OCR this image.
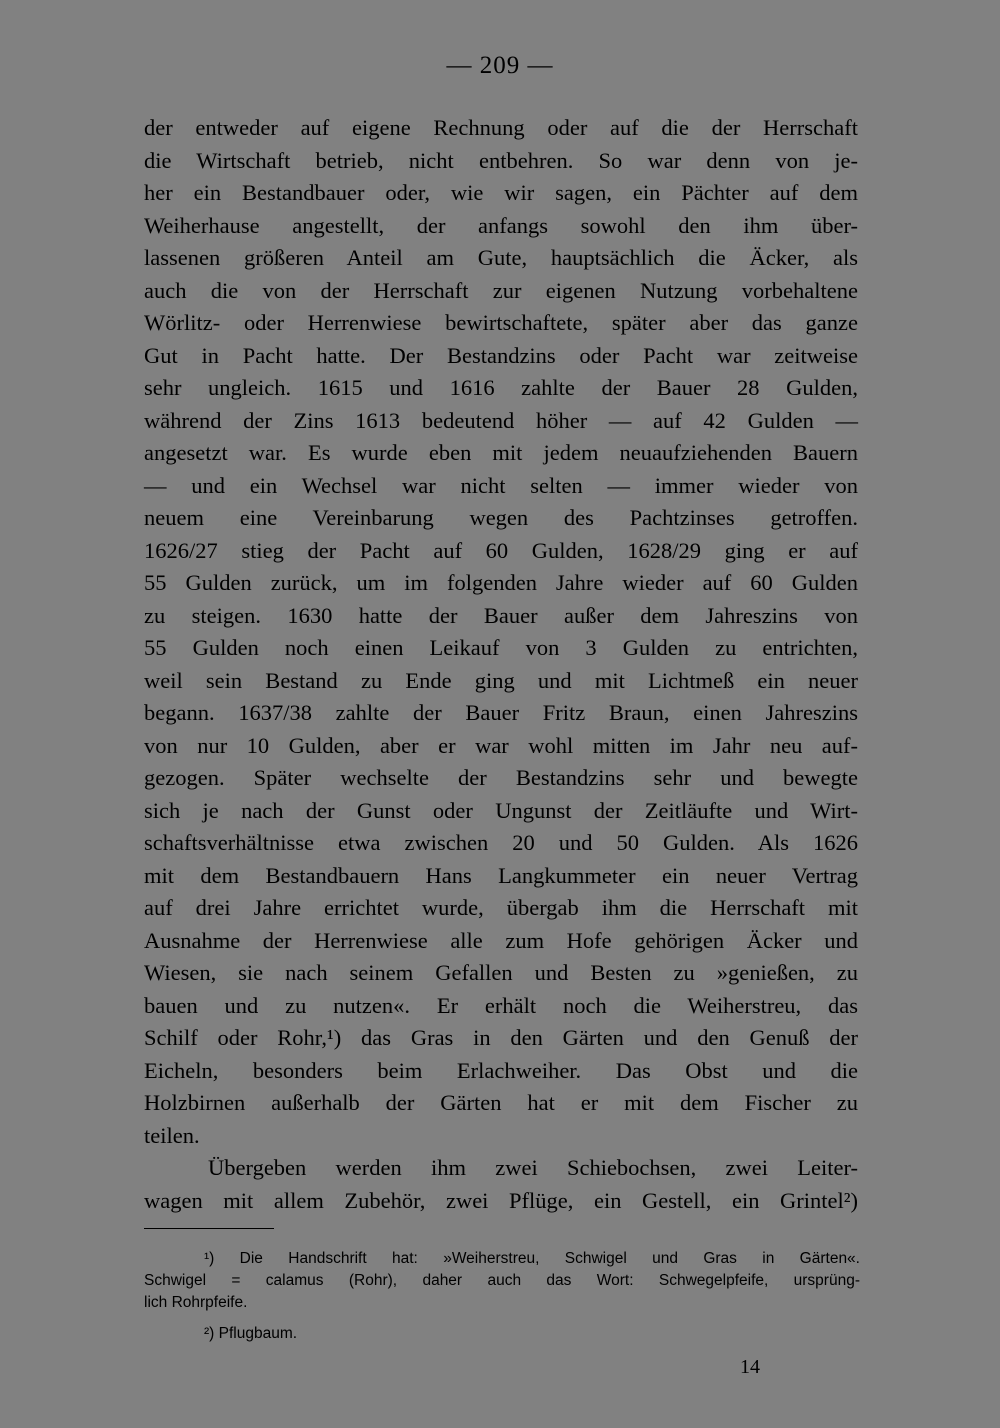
— 209 —
der entweder auf eigene Rechnung oder auf die der Herrschaft
die Wirtschaft betrieb, nicht entbehren. So war denn von je-
her ein Bestandbauer oder, wie wir sagen, ein Pächter auf dem
Weiherhause angestellt, der anfangs sowohl den ihm über-
lassenen größeren Anteil am Gute, hauptsächlich die Äcker, als
auch die von der Herrschaft zur eigenen Nutzung vorbehaltene
Wörlitz- oder Herrenwiese bewirtschaftete, später aber das ganze
Gut in Pacht hatte. Der Bestandzins oder Pacht war zeitweise
sehr ungleich. 1615 und 1616 zahlte der Bauer 28 Gulden,
während der Zins 1613 bedeutend höher — auf 42 Gulden —
angesetzt war. Es wurde eben mit jedem neuaufziehenden Bauern
— und ein Wechsel war nicht selten — immer wieder von
neuem eine Vereinbarung wegen des Pachtzinses getroffen.
1626/27 stieg der Pacht auf 60 Gulden, 1628/29 ging er auf
55 Gulden zurück, um im folgenden Jahre wieder auf 60 Gulden
zu steigen. 1630 hatte der Bauer außer dem Jahreszins von
55 Gulden noch einen Leikauf von 3 Gulden zu entrichten,
weil sein Bestand zu Ende ging und mit Lichtmeß ein neuer
begann. 1637/38 zahlte der Bauer Fritz Braun, einen Jahreszins
von nur 10 Gulden, aber er war wohl mitten im Jahr neu auf-
gezogen. Später wechselte der Bestandzins sehr und bewegte
sich je nach der Gunst oder Ungunst der Zeitläufte und Wirt-
schaftsverhältnisse etwa zwischen 20 und 50 Gulden. Als 1626
mit dem Bestandbauern Hans Langkummeter ein neuer Vertrag
auf drei Jahre errichtet wurde, übergab ihm die Herrschaft mit
Ausnahme der Herrenwiese alle zum Hofe gehörigen Äcker und
Wiesen, sie nach seinem Gefallen und Besten zu »genießen, zu
bauen und zu nutzen«. Er erhält noch die Weiherstreu, das
Schilf oder Rohr,¹) das Gras in den Gärten und den Genuß der
Eicheln, besonders beim Erlachweiher. Das Obst und die
Holzbirnen außerhalb der Gärten hat er mit dem Fischer zu
teilen.
Übergeben werden ihm zwei Schiebochsen, zwei Leiter-
wagen mit allem Zubehör, zwei Pflüge, ein Gestell, ein Grintel²)
¹) Die Handschrift hat: »Weiherstreu, Schwigel und Gras in Gärten«.
Schwigel = calamus (Rohr), daher auch das Wort: Schwegelpfeife, ursprüng-
lich Rohrpfeife.
²) Pflugbaum.
14
